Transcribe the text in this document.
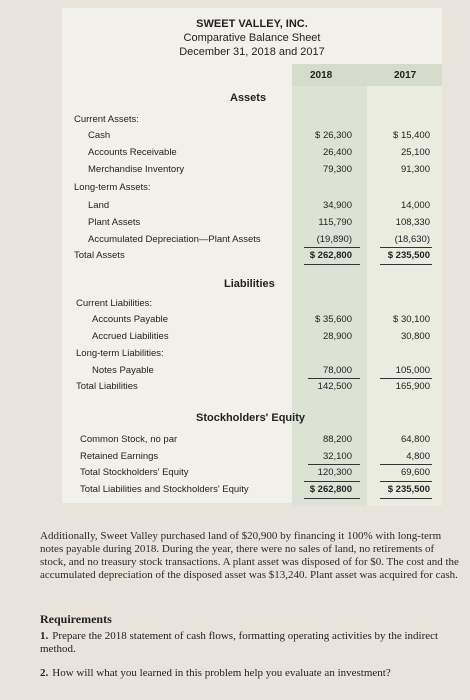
SWEET VALLEY, INC.
Comparative Balance Sheet
December 31, 2018 and 2017
2018	2017
Assets
Current Assets:
Cash	$ 26,300	$ 15,400
Accounts Receivable	26,400	25,100
Merchandise Inventory	79,300	91,300
Long-term Assets:
Land	34,900	14,000
Plant Assets	115,790	108,330
Accumulated Depreciation—Plant Assets	(19,890)	(18,630)
Total Assets	$ 262,800	$ 235,500
Liabilities
Current Liabilities:
Accounts Payable	$ 35,600	$ 30,100
Accrued Liabilities	28,900	30,800
Long-term Liabilities:
Notes Payable	78,000	105,000
Total Liabilities	142,500	165,900
Stockholders' Equity
Common Stock, no par	88,200	64,800
Retained Earnings	32,100	4,800
Total Stockholders' Equity	120,300	69,600
Total Liabilities and Stockholders' Equity	$ 262,800	$ 235,500
Additionally, Sweet Valley purchased land of $20,900 by financing it 100% with long-term notes payable during 2018. During the year, there were no sales of land, no retirements of stock, and no treasury stock transactions. A plant asset was disposed of for $0. The cost and the accumulated depreciation of the disposed asset was $13,240. Plant asset was acquired for cash.
Requirements
1. Prepare the 2018 statement of cash flows, formatting operating activities by the indirect method.
2. How will what you learned in this problem help you evaluate an investment?
